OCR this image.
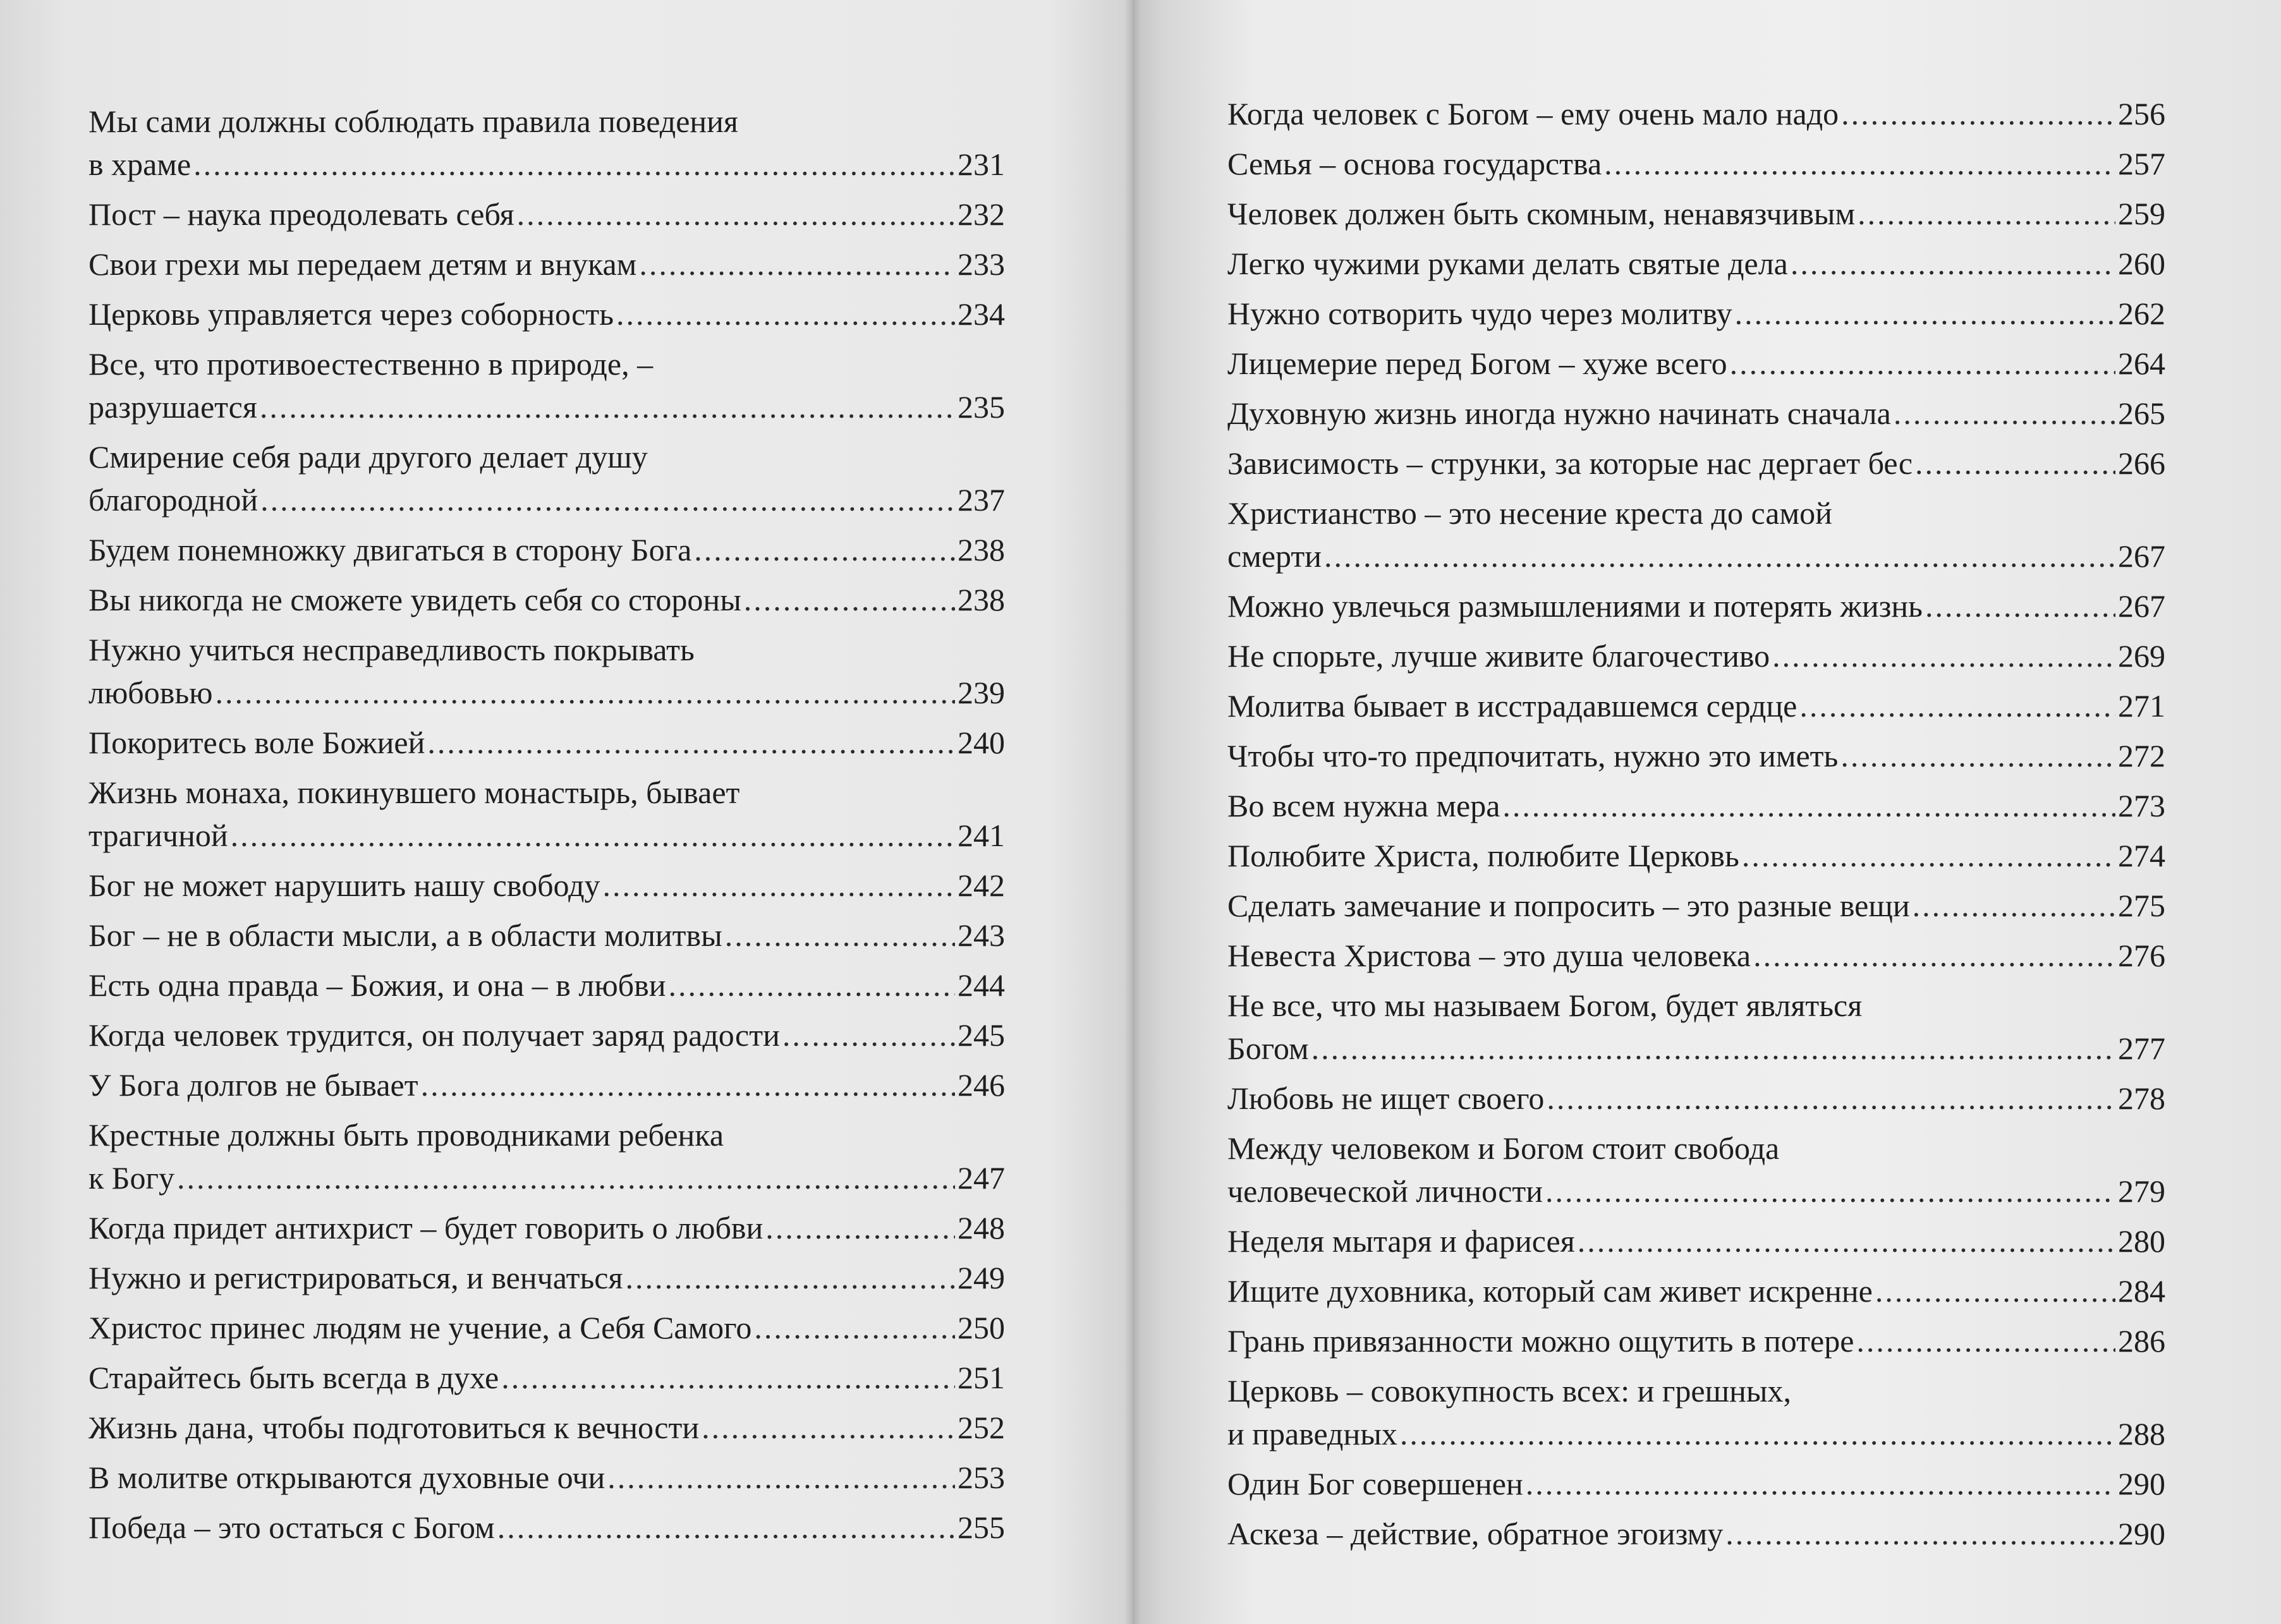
Мы сами должны соблюдать правила поведения
в храме .....	231
Пост – наука преодолевать себя .....	232
Свои грехи мы передаем детям и внукам .....	233
Церковь управляется через соборность .....	234
Все, что противоестественно в природе, –
разрушается .....	235
Смирение себя ради другого делает душу
благородной .....	237
Будем понемножку двигаться в сторону Бога .....	238
Вы никогда не сможете увидеть себя со стороны .....	238
Нужно учиться несправедливость покрывать
любовью .....	239
Покоритесь воле Божией .....	240
Жизнь монаха, покинувшего монастырь, бывает
трагичной .....	241
Бог не может нарушить нашу свободу .....	242
Бог – не в области мысли, а в области молитвы .....	243
Есть одна правда – Божия, и она – в любви .....	244
Когда человек трудится, он получает заряд радости .....	245
У Бога долгов не бывает .....	246
Крестные должны быть проводниками ребенка
к Богу .....	247
Когда придет антихрист – будет говорить о любви .....	248
Нужно и регистрироваться, и венчаться .....	249
Христос принес людям не учение, а Себя Самого .....	250
Старайтесь быть всегда в духе .....	251
Жизнь дана, чтобы подготовиться к вечности .....	252
В молитве открываются духовные очи .....	253
Победа – это остаться с Богом .....	255
Когда человек с Богом – ему очень мало надо .....	256
Семья – основа государства .....	257
Человек должен быть скомным, ненавязчивым .....	259
Легко чужими руками делать святые дела .....	260
Нужно сотворить чудо через молитву .....	262
Лицемерие перед Богом – хуже всего .....	264
Духовную жизнь иногда нужно начинать сначала .....	265
Зависимость – струнки, за которые нас дергает бес .....	266
Христианство – это несение креста до самой
смерти .....	267
Можно увлечься размышлениями и потерять жизнь .....	267
Не спорьте, лучше живите благочестиво .....	269
Молитва бывает в исстрадавшемся сердце .....	271
Чтобы что-то предпочитать, нужно это иметь .....	272
Во всем нужна мера .....	273
Полюбите Христа, полюбите Церковь .....	274
Сделать замечание и попросить – это разные вещи .....	275
Невеста Христова – это душа человека .....	276
Не все, что мы называем Богом, будет являться
Богом .....	277
Любовь не ищет своего .....	278
Между человеком и Богом стоит свобода
человеческой личности .....	279
Неделя мытаря и фарисея .....	280
Ищите духовника, который сам живет искренне .....	284
Грань привязанности можно ощутить в потере .....	286
Церковь – совокупность всех: и грешных,
и праведных .....	288
Один Бог совершенен .....	290
Аскеза – действие, обратное эгоизму .....	290
